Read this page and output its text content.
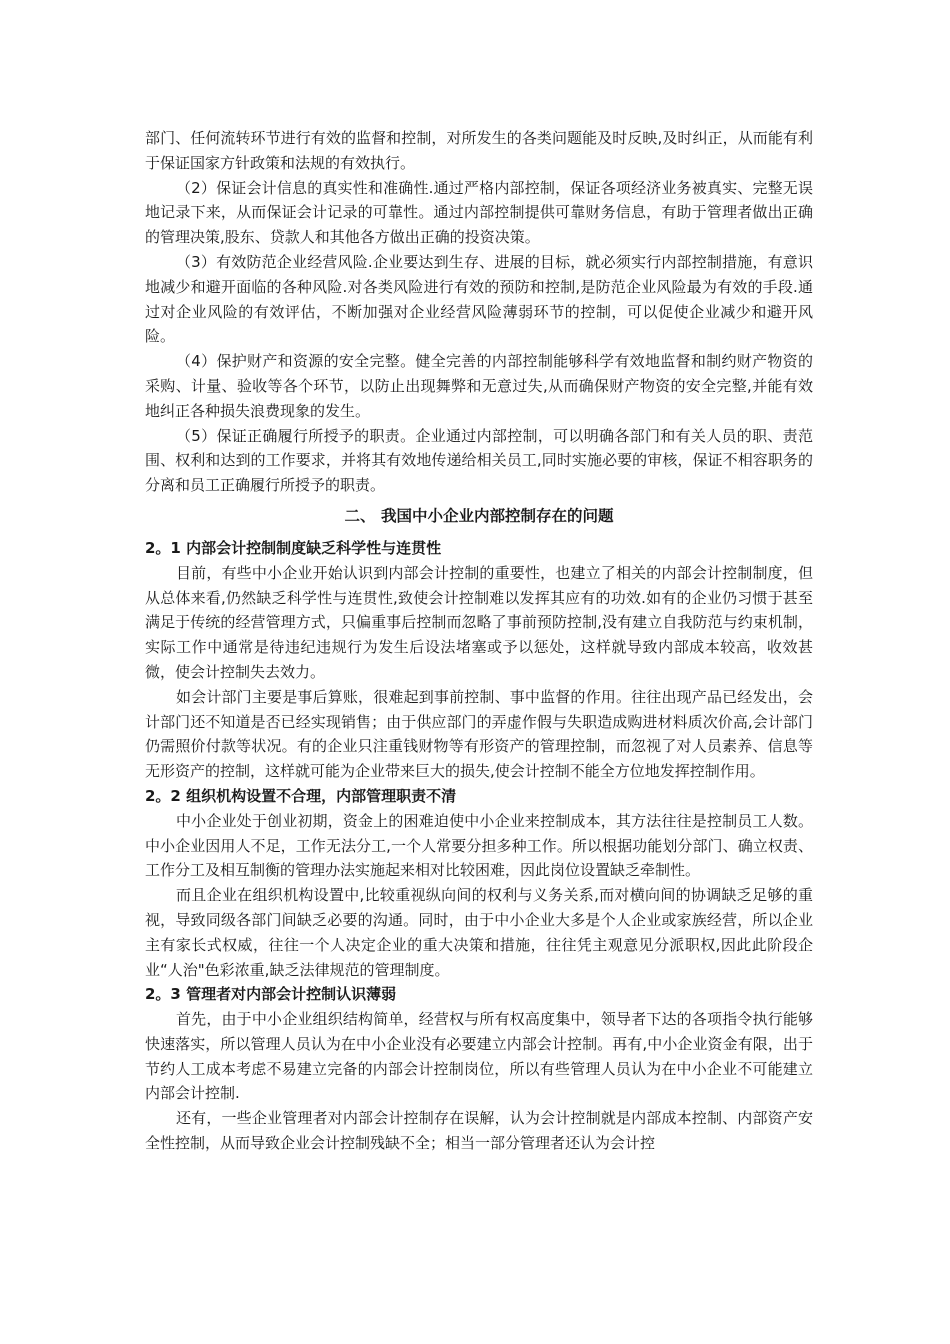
部门、任何流转环节进行有效的监督和控制，对所发生的各类问题能及时反映,及时纠正，从而能有利于保证国家方针政策和法规的有效执行。

（2）保证会计信息的真实性和准确性.通过严格内部控制，保证各项经济业务被真实、完整无误地记录下来，从而保证会计记录的可靠性。通过内部控制提供可靠财务信息，有助于管理者做出正确的管理决策,股东、贷款人和其他各方做出正确的投资决策。

（3）有效防范企业经营风险.企业要达到生存、进展的目标，就必须实行内部控制措施，有意识地减少和避开面临的各种风险.对各类风险进行有效的预防和控制,是防范企业风险最为有效的手段.通过对企业风险的有效评估，不断加强对企业经营风险薄弱环节的控制，可以促使企业减少和避开风险。

（4）保护财产和资源的安全完整。健全完善的内部控制能够科学有效地监督和制约财产物资的采购、计量、验收等各个环节，以防止出现舞弊和无意过失,从而确保财产物资的安全完整,并能有效地纠正各种损失浪费现象的发生。

（5）保证正确履行所授予的职责。企业通过内部控制，可以明确各部门和有关人员的职、责范围、权利和达到的工作要求，并将其有效地传递给相关员工,同时实施必要的审核，保证不相容职务的分离和员工正确履行所授予的职责。

二、 我国中小企业内部控制存在的问题
2。1 内部会计控制制度缺乏科学性与连贯性

目前，有些中小企业开始认识到内部会计控制的重要性，也建立了相关的内部会计控制制度，但从总体来看,仍然缺乏科学性与连贯性,致使会计控制难以发挥其应有的功效.如有的企业仍习惯于甚至满足于传统的经营管理方式，只偏重事后控制而忽略了事前预防控制,没有建立自我防范与约束机制，实际工作中通常是待违纪违规行为发生后设法堵塞或予以惩处，这样就导致内部成本较高，收效甚微，使会计控制失去效力。

如会计部门主要是事后算账，很难起到事前控制、事中监督的作用。往往出现产品已经发出，会计部门还不知道是否已经实现销售；由于供应部门的弄虚作假与失职造成购进材料质次价高,会计部门仍需照价付款等状况。有的企业只注重钱财物等有形资产的管理控制，而忽视了对人员素养、信息等无形资产的控制，这样就可能为企业带来巨大的损失,使会计控制不能全方位地发挥控制作用。

2。2 组织机构设置不合理，内部管理职责不清

中小企业处于创业初期，资金上的困难迫使中小企业来控制成本，其方法往往是控制员工人数。中小企业因用人不足，工作无法分工,一个人常要分担多种工作。所以根据功能划分部门、确立权责、工作分工及相互制衡的管理办法实施起来相对比较困难，因此岗位设置缺乏牵制性。

而且企业在组织机构设置中,比较重视纵向间的权利与义务关系,而对横向间的协调缺乏足够的重视，导致同级各部门间缺乏必要的沟通。同时，由于中小企业大多是个人企业或家族经营，所以企业主有家长式权威，往往一个人决定企业的重大决策和措施，往往凭主观意见分派职权,因此此阶段企业“人治"色彩浓重,缺乏法律规范的管理制度。

2。3 管理者对内部会计控制认识薄弱

首先，由于中小企业组织结构简单，经营权与所有权高度集中，领导者下达的各项指令执行能够快速落实，所以管理人员认为在中小企业没有必要建立内部会计控制。再有,中小企业资金有限，出于节约人工成本考虑不易建立完备的内部会计控制岗位，所以有些管理人员认为在中小企业不可能建立内部会计控制.

还有，一些企业管理者对内部会计控制存在误解，认为会计控制就是内部成本控制、内部资产安全性控制，从而导致企业会计控制残缺不全；相当一部分管理者还认为会计控
